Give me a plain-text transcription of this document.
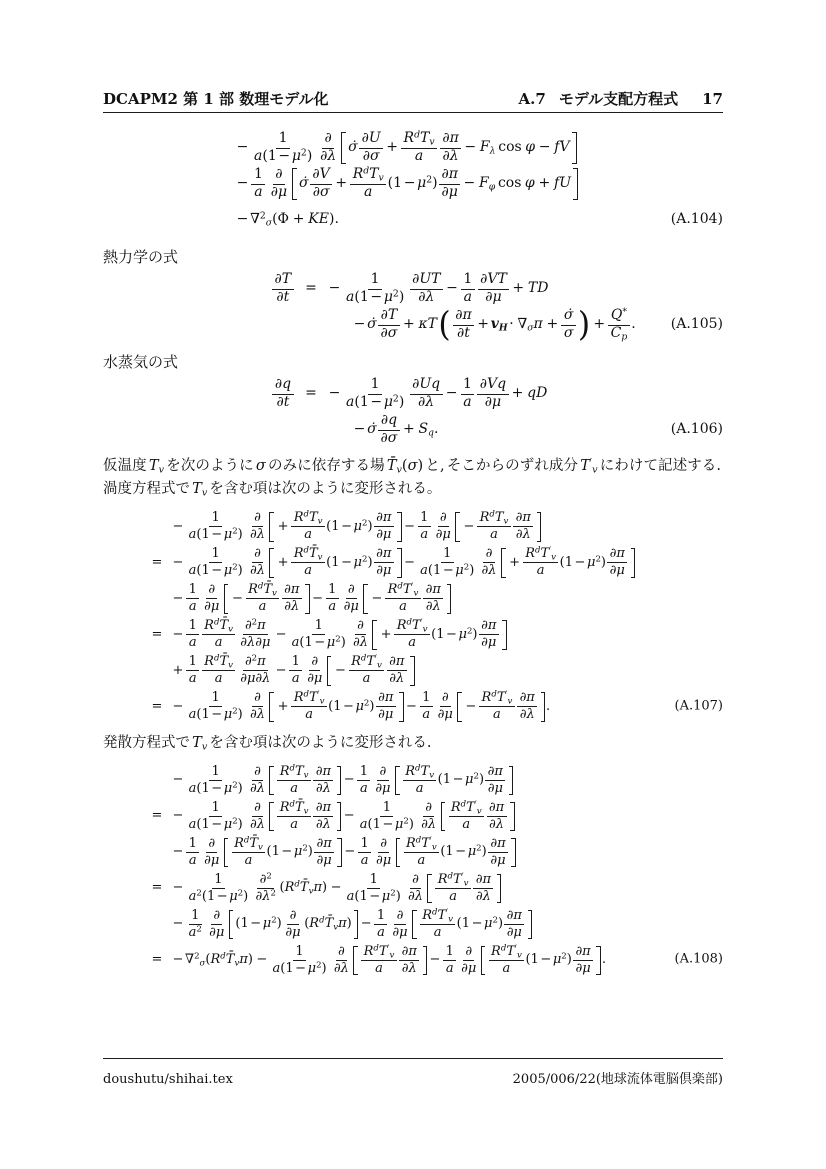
DCAPM2 第 1 部 数理モデル化	A.7 モデル支配方程式 17
− $\frac{1}{a(1 - \mu^2)}$ ∂
∂λ
σ̇
∂U
∂σ
+
$R^dT_v$
a
∂π
∂λ
− $F_\lambda$ cos φ − fV
− $\frac{1}{a}$ ∂
∂μ
σ̇
∂V
∂σ
+
$R^dT_v$
a
$(1 - \mu^2)$
∂π
∂μ
− $F_\varphi$ cos φ + fU
− ∇$^2_\sigma$(Φ + KE).	(A.104)
熱力学の式
∂T
∂t
= − $\frac{1}{a(1 - \mu^2)} \partial UT$
∂λ
− $\frac{1}{a} \partial VT$
∂μ
+ TD
− σ̇
∂T
∂σ
+ κT ( ∂π
∂t
+ $v_H \cdot \nabla_\sigma\pi + \frac{\sigmȧ}{\sigma}$ ) + $\frac{Q^*}{C_p}$ .	(A.105)
水蒸気の式
∂q
∂t
= − $\frac{1}{a(1 - \mu^2)} \partial Uq$
∂λ
− $\frac{1}{a} \partial Vq$
∂μ
+ qD
− σ̇
∂q
∂σ
+ $S_q$.	(A.106)

仮温度 $T_v$ を次のように σ のみに依存する場 $T̄_v(\sigma)$ と, そこからのずれ成分 $T'_v$ にわけて記述する.渦度方程式で $T_v$ を含む項は次のように変形される。

− $\frac{1}{a(1 - \mu^2)}$ ∂
∂λ
+
$R^dT_v$
a
$(1 - \mu^2)$
∂π
∂μ
− $\frac{1}{a}$ ∂
∂μ
−
$R^dT_v$
a
∂π
∂λ
= − $\frac{1}{a(1 - \mu^2)}$ ∂
∂λ
+
$R^dT̄_v$
a
$(1 - \mu^2)$
∂π
∂μ
− $\frac{1}{a(1 - \mu^2)}$ ∂
∂λ
+
$R^dT'_v$
a
$(1 - \mu^2)$
∂π
∂μ
− $\frac{1}{a}$ ∂
∂μ
−
$R^dT̄_v$
a
∂π
∂λ
− $\frac{1}{a}$ ∂
∂μ
−
$R^dT'_v$
a
∂π
∂λ
= − $\frac{1}{a}$ $R^dT̄_v$
a
∂$^2$π
∂λ∂μ
− $\frac{1}{a(1 - \mu^2)}$ ∂
∂λ
+
$R^dT'_v$
a
$(1 - \mu^2)$
∂π
∂μ
+ $\frac{1}{a}$ $R^dT̄_v$
a
∂$^2$π
∂μ∂λ
− $\frac{1}{a}$ ∂
∂μ
−
$R^dT'_v$
a
∂π
∂λ
= − $\frac{1}{a(1 - \mu^2)}$ ∂
∂λ
+
$R^dT'_v$
a
$(1 - \mu^2)$
∂π
∂μ
− $\frac{1}{a}$ ∂
∂μ
−
$R^dT'_v$
a
∂π
∂λ
.	(A.107)

発散方程式で $T_v$ を含む項は次のように変形される.

− $\frac{1}{a(1 - \mu^2)}$ ∂
∂λ
$R^dT_v$
a
∂π
∂λ
− $\frac{1}{a}$ ∂
∂μ
$R^dT_v$
a
$(1 - \mu^2)$
∂π
∂μ
= − $\frac{1}{a(1 - \mu^2)}$ ∂
∂λ
$R^dT̄_v$
a
∂π
∂λ
− $\frac{1}{a(1 - \mu^2)}$ ∂
∂λ
$R^dT'_v$
a
∂π
∂λ
− $\frac{1}{a}$ ∂
∂μ
$R^dT̄_v$
a
$(1 - \mu^2)$
∂π
∂μ
− $\frac{1}{a}$ ∂
∂μ
$R^dT'_v$
a
$(1 - \mu^2)$
∂π
∂μ
= − $\frac{1}{a^2(1 - \mu^2)} \partial^2$
$\partial\lambda^2$ $(R^dT̄_v\pi) - \frac{1}{a(1 - \mu^2)}$ ∂
∂λ
$R^dT'_v$
a
∂π
∂λ
− $\frac{1}{a^2}$ ∂
∂μ
$(1 - \mu^2)$
∂
∂μ
$(R^dT̄_v\pi) - \frac{1}{a}$ ∂
∂μ
$R^dT'_v$
a
$(1 - \mu^2)$
∂π
∂μ
= − $\nabla^2_\sigma(R^dT̄_v\pi) - \frac{1}{a(1 - \mu^2)}$ ∂
∂λ
$R^dT'_v$
a
∂π
∂λ
− $\frac{1}{a}$ ∂
∂μ
$R^dT'_v$
a
$(1 - \mu^2)$
∂π
∂μ
.	(A.108)
doushutu/shihai.tex	2005/006/22(地球流体電脳倶楽部)
